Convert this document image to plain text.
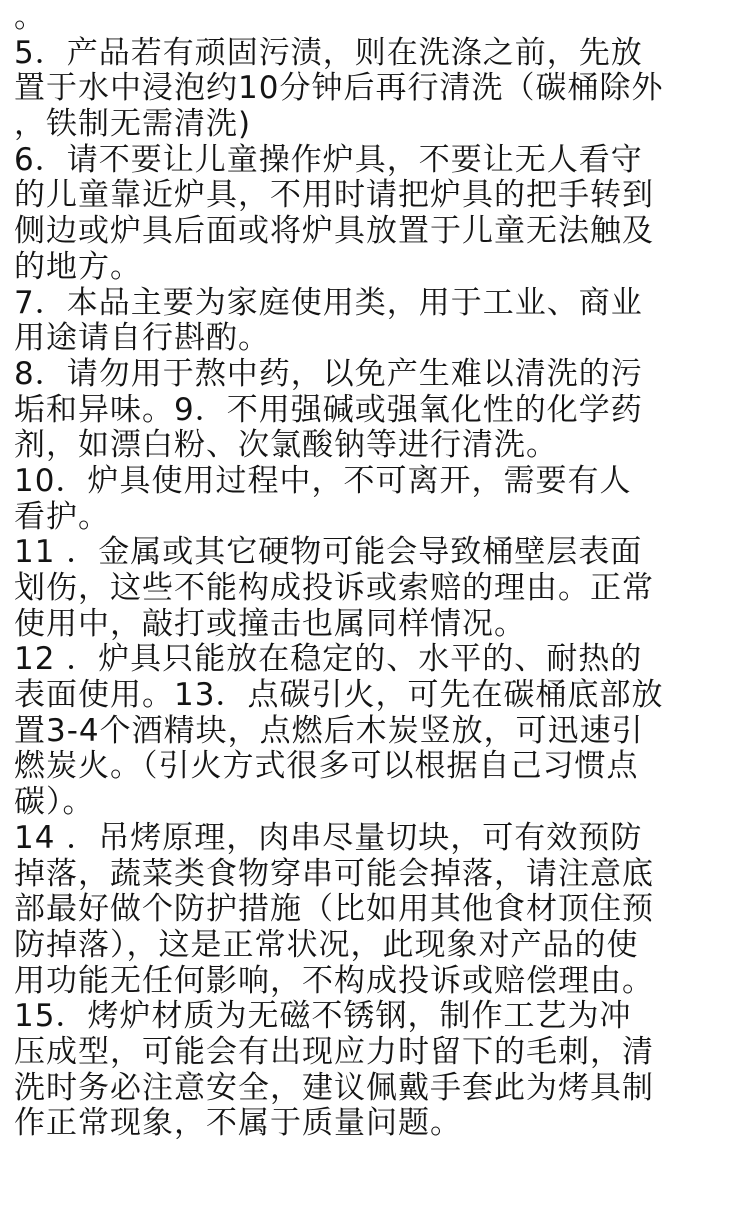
。
5．产品若有顽固污渍，则在洗涤之前，先放
置于水中浸泡约10分钟后再行清洗（碳桶除外
，铁制无需清洗)
6．请不要让儿童操作炉具，不要让无人看守
的儿童靠近炉具，不用时请把炉具的把手转到
侧边或炉具后面或将炉具放置于儿童无法触及
的地方。
7．本品主要为家庭使用类，用于工业、商业
用途请自行斟酌。
8．请勿用于熬中药，以免产生难以清洗的污
垢和异味。9．不用强碱或强氧化性的化学药
剂，如漂白粉、次氯酸钠等进行清洗。
10．炉具使用过程中，不可离开，需要有人
看护。
11 ．金属或其它硬物可能会导致桶壁层表面
划伤，这些不能构成投诉或索赔的理由。正常
使用中，敲打或撞击也属同样情况。
12 ．炉具只能放在稳定的、水平的、耐热的
表面使用。13．点碳引火，可先在碳桶底部放
置3-4个酒精块，点燃后木炭竖放，可迅速引
燃炭火。（引火方式很多可以根据自己习惯点
碳）。
14 ．吊烤原理，肉串尽量切块，可有效预防
掉落，蔬菜类食物穿串可能会掉落，请注意底
部最好做个防护措施（比如用其他食材顶住预
防掉落），这是正常状况，此现象对产品的使
用功能无任何影响，不构成投诉或赔偿理由。
15．烤炉材质为无磁不锈钢，制作工艺为冲
压成型，可能会有出现应力时留下的毛刺，清
洗时务必注意安全，建议佩戴手套此为烤具制
作正常现象，不属于质量问题。
